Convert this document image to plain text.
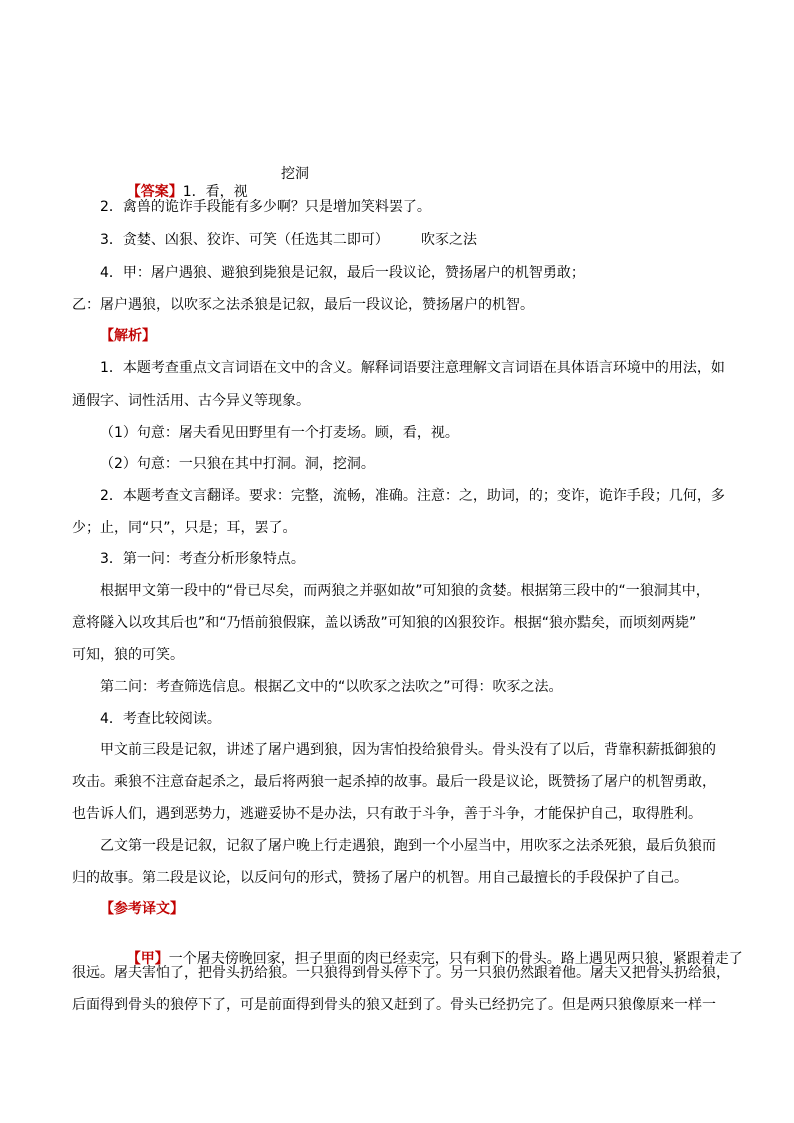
【答案】1．看，视

挖洞
2．禽兽的诡诈手段能有多少啊？只是增加笑料罢了。
3．贪婪、凶狠、狡诈、可笑（任选其二即可） 吹豕之法
4．甲：屠户遇狼、避狼到毙狼是记叙，最后一段议论，赞扬屠户的机智勇敢；
乙：屠户遇狼，以吹豕之法杀狼是记叙，最后一段议论，赞扬屠户的机智。
【解析】
1．本题考查重点文言词语在文中的含义。解释词语要注意理解文言词语在具体语言环境中的用法，如
通假字、词性活用、古今异义等现象。
（1）句意：屠夫看见田野里有一个打麦场。顾，看，视。
（2）句意：一只狼在其中打洞。洞，挖洞。
2．本题考查文言翻译。要求：完整，流畅，准确。注意：之，助词，的；变诈，诡诈手段；几何，多
少；止，同“只”，只是；耳，罢了。
3．第一问：考查分析形象特点。
根据甲文第一段中的“骨已尽矣，而两狼之并驱如故”可知狼的贪婪。根据第三段中的“一狼洞其中，
意将隧入以攻其后也”和“乃悟前狼假寐，盖以诱敌”可知狼的凶狠狡诈。根据“狼亦黠矣，而顷刻两毙”
可知，狼的可笑。
第二问：考查筛选信息。根据乙文中的“以吹豕之法吹之”可得：吹豕之法。
4．考查比较阅读。
甲文前三段是记叙，讲述了屠户遇到狼，因为害怕投给狼骨头。骨头没有了以后，背靠积薪抵御狼的
攻击。乘狼不注意奋起杀之，最后将两狼一起杀掉的故事。最后一段是议论，既赞扬了屠户的机智勇敢，
也告诉人们，遇到恶势力，逃避妥协不是办法，只有敢于斗争，善于斗争，才能保护自己，取得胜利。
乙文第一段是记叙，记叙了屠户晚上行走遇狼，跑到一个小屋当中，用吹豕之法杀死狼，最后负狼而
归的故事。第二段是议论，以反问句的形式，赞扬了屠户的机智。用自己最擅长的手段保护了自己。
【参考译文】

【甲】一个屠夫傍晚回家，担子里面的肉已经卖完，只有剩下的骨头。路上遇见两只狼，紧跟着走了

很远。屠夫害怕了，把骨头扔给狼。一只狼得到骨头停下了。另一只狼仍然跟着他。屠夫又把骨头扔给狼，
后面得到骨头的狼停下了，可是前面得到骨头的狼又赶到了。骨头已经扔完了。但是两只狼像原来一样一
